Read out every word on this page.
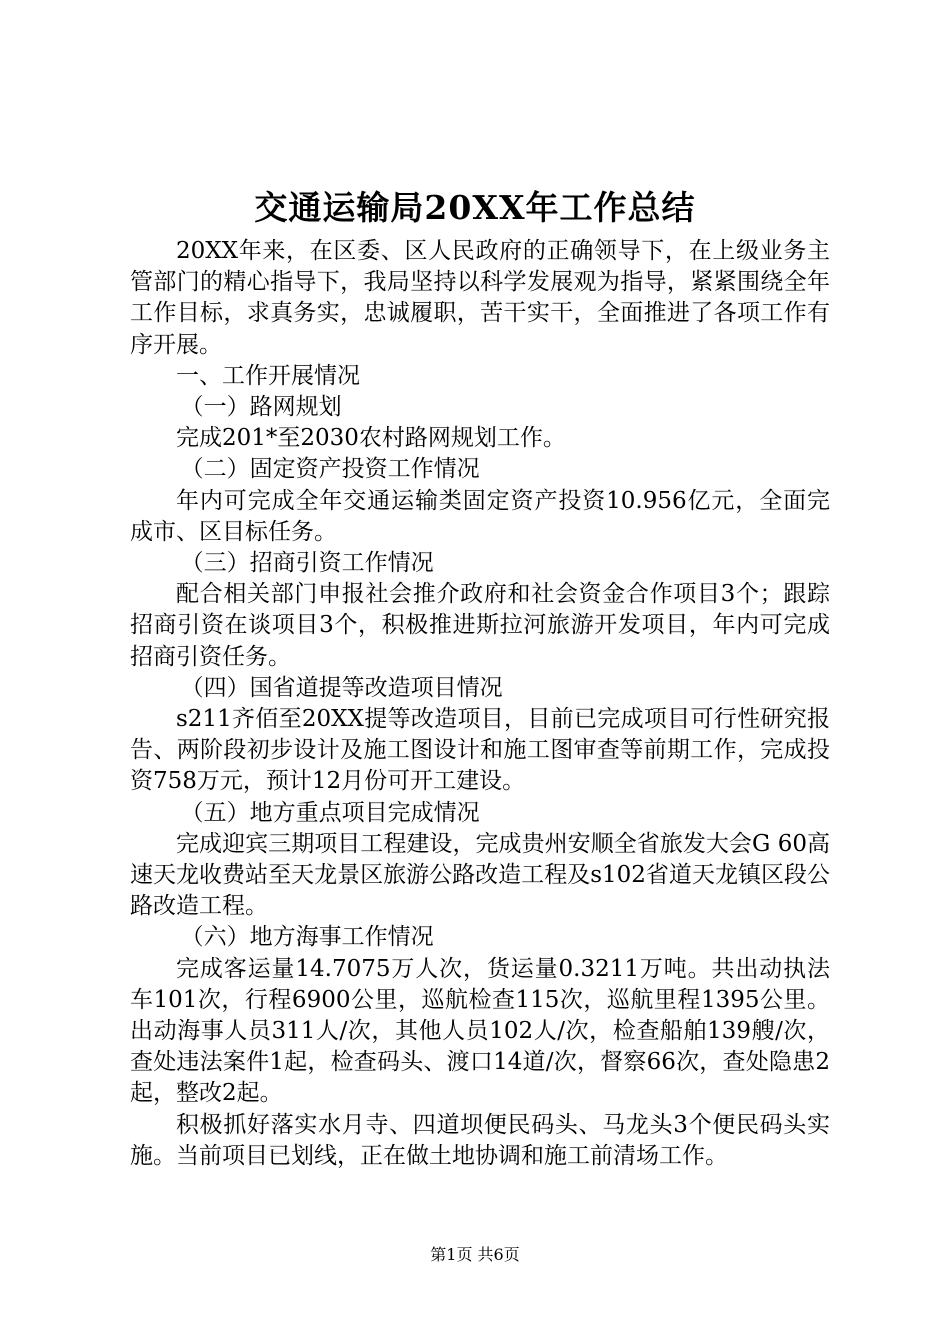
交通运输局20XX年工作总结

20XX年来，在区委、区人民政府的正确领导下，在上级业务主管部门的精心指导下，我局坚持以科学发展观为指导，紧紧围绕全年工作目标，求真务实，忠诚履职，苦干实干，全面推进了各项工作有序开展。

一、工作开展情况

（一）路网规划

完成201*至2030农村路网规划工作。

（二）固定资产投资工作情况

年内可完成全年交通运输类固定资产投资10.956亿元，全面完成市、区目标任务。

（三）招商引资工作情况

配合相关部门申报社会推介政府和社会资金合作项目3个；跟踪招商引资在谈项目3个，积极推进斯拉河旅游开发项目，年内可完成招商引资任务。

（四）国省道提等改造项目情况

s211齐佰至20XX提等改造项目，目前已完成项目可行性研究报告、两阶段初步设计及施工图设计和施工图审查等前期工作，完成投资758万元，预计12月份可开工建设。

（五）地方重点项目完成情况

完成迎宾三期项目工程建设，完成贵州安顺全省旅发大会G 60高速天龙收费站至天龙景区旅游公路改造工程及s102省道天龙镇区段公路改造工程。

（六）地方海事工作情况

完成客运量14.7075万人次，货运量0.3211万吨。共出动执法车101次，行程6900公里，巡航检查115次，巡航里程1395公里。出动海事人员311人/次，其他人员102人/次，检查船舶139艘/次，查处违法案件1起，检查码头、渡口14道/次，督察66次，查处隐患2起，整改2起。

积极抓好落实水月寺、四道坝便民码头、马龙头3个便民码头实施。当前项目已划线，正在做土地协调和施工前清场工作。

第1页 共6页
